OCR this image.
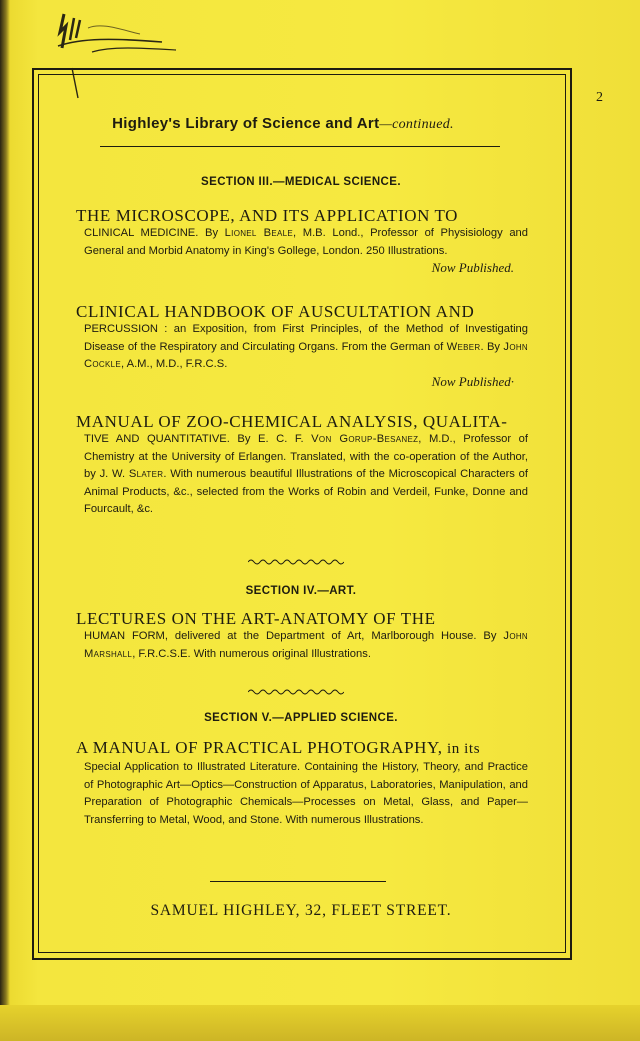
2
Highley's Library of Science and Art—continued.
SECTION III.—MEDICAL SCIENCE.
THE MICROSCOPE, AND ITS APPLICATION TO
CLINICAL MEDICINE. By Lionel Beale, M.B. Lond., Professor of Physisiology and General and Morbid Anatomy in King's Gollege, London. 250 Illustrations.
Now Published.
CLINICAL HANDBOOK OF AUSCULTATION AND
PERCUSSION : an Exposition, from First Principles, of the Method of Investigating Disease of the Respiratory and Circulating Organs. From the German of Weber. By John Cockle, A.M., M.D., F.R.C.S.
Now Published·
MANUAL OF ZOO-CHEMICAL ANALYSIS, QUALITA-
TIVE AND QUANTITATIVE. By E. C. F. Von Gorup-Besanez, M.D., Professor of Chemistry at the University of Erlangen. Translated, with the co-operation of the Author, by J. W. Slater. With numerous beautiful Illustrations of the Microscopical Characters of Animal Products, &c., selected from the Works of Robin and Verdeil, Funke, Donne and Fourcault, &c.
SECTION IV.—ART.
LECTURES ON THE ART-ANATOMY OF THE
HUMAN FORM, delivered at the Department of Art, Marlborough House. By John Marshall, F.R.C.S.E. With numerous original Illustrations.
SECTION V.—APPLIED SCIENCE.
A MANUAL OF PRACTICAL PHOTOGRAPHY, in its
Special Application to Illustrated Literature. Containing the History, Theory, and Practice of Photographic Art—Optics—Construction of Apparatus, Laboratories, Manipulation, and Preparation of Photographic Chemicals—Processes on Metal, Glass, and Paper—Transferring to Metal, Wood, and Stone. With numerous Illustrations.
SAMUEL HIGHLEY, 32, FLEET STREET.
